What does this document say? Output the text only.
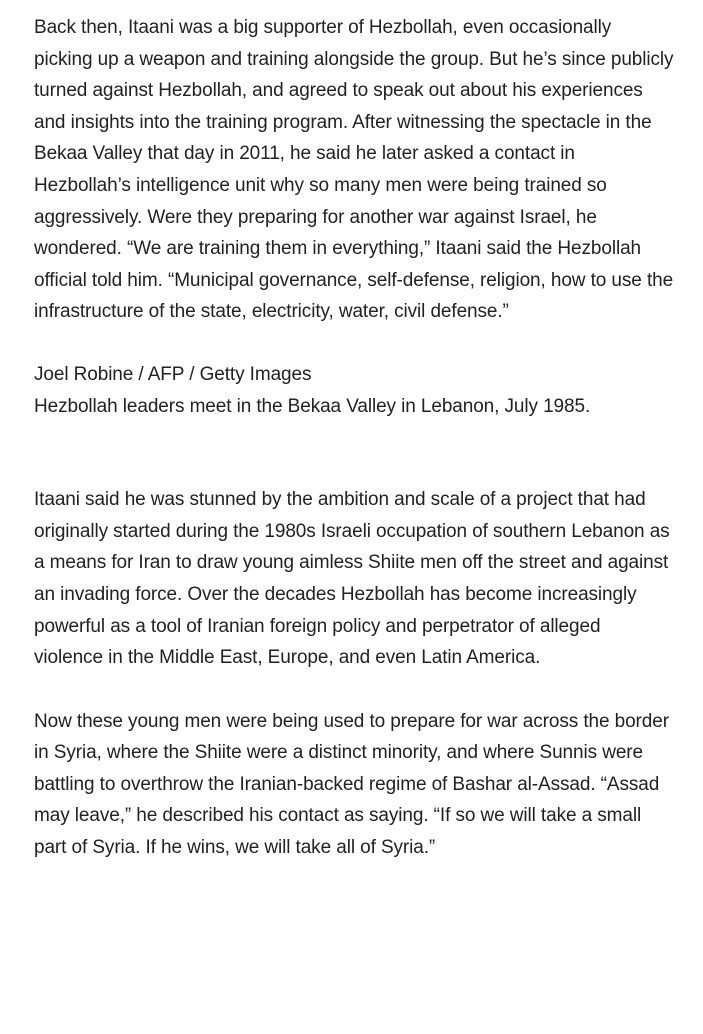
Back then, Itaani was a big supporter of Hezbollah, even occasionally picking up a weapon and training alongside the group. But he’s since publicly turned against Hezbollah, and agreed to speak out about his experiences and insights into the training program. After witnessing the spectacle in the Bekaa Valley that day in 2011, he said he later asked a contact in Hezbollah’s intelligence unit why so many men were being trained so aggressively. Were they preparing for another war against Israel, he wondered. “We are training them in everything,” Itaani said the Hezbollah official told him. “Municipal governance, self-defense, religion, how to use the infrastructure of the state, electricity, water, civil defense.”

Joel Robine / AFP / Getty Images
Hezbollah leaders meet in the Bekaa Valley in Lebanon, July 1985.

Itaani said he was stunned by the ambition and scale of a project that had originally started during the 1980s Israeli occupation of southern Lebanon as a means for Iran to draw young aimless Shiite men off the street and against an invading force. Over the decades Hezbollah has become increasingly powerful as a tool of Iranian foreign policy and perpetrator of alleged violence in the Middle East, Europe, and even Latin America.

Now these young men were being used to prepare for war across the border in Syria, where the Shiite were a distinct minority, and where Sunnis were battling to overthrow the Iranian-backed regime of Bashar al-Assad. “Assad may leave,” he described his contact as saying. “If so we will take a small part of Syria. If he wins, we will take all of Syria.”
